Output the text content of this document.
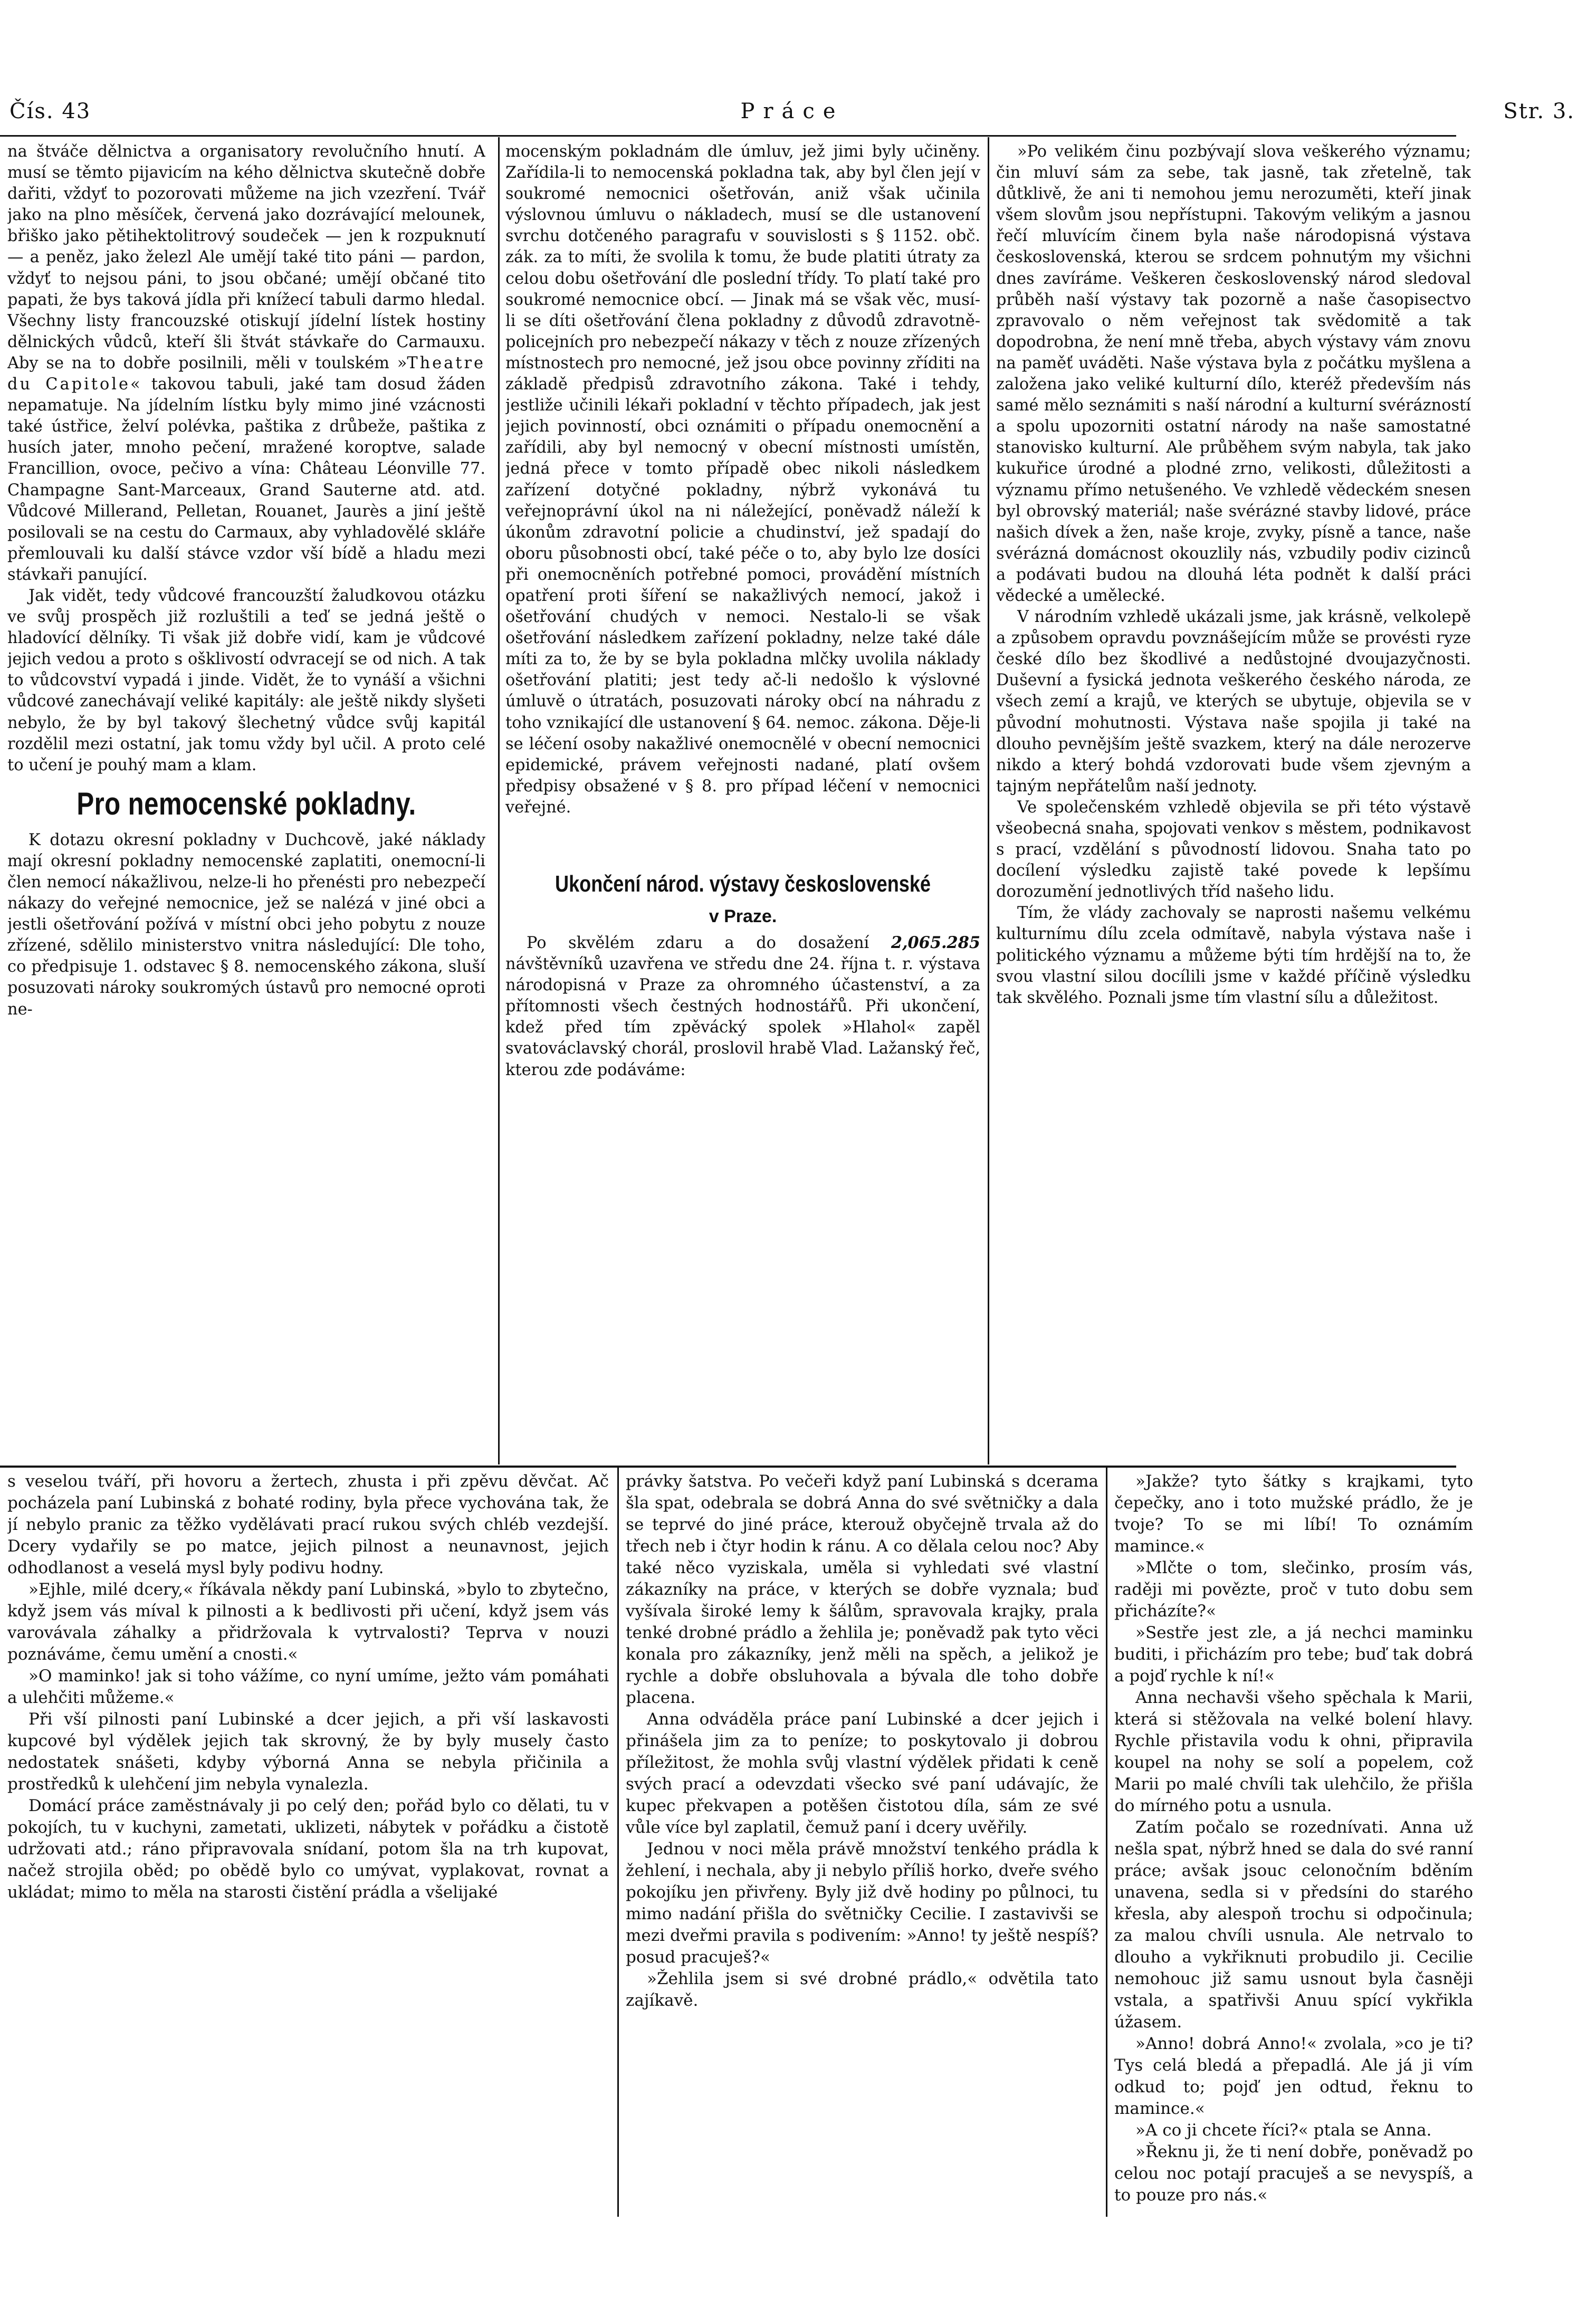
Čís. 43	Práce	Str. 3.

na štváče dělnictva a organisatory revolučního hnutí. A musí se těmto pijavicím na kého dělnictva skutečně dobře dařiti, vždyť to pozorovati můžeme na jich vzezření. Tvář jako na plno měsíček, červená jako dozrávající melounek, břiško jako pětihektolitrový soudeček — jen k rozpuknutí — a peněz, jako železl Ale umějí také tito páni — pardon, vždyť to nejsou páni, to jsou občané; umějí občané tito papati, že bys taková jídla při knížecí tabuli darmo hledal. Všechny listy francouzské otiskují jídelní lístek hostiny dělnických vůdců, kteří šli štvát stávkaře do Carmauxu. Aby se na to dobře posilnili, měli v toulském »Theatre du Capitole« takovou tabuli, jaké tam dosud žáden nepamatuje. Na jídelním lístku byly mimo jiné vzácnosti také ústřice, želví polévka, paštika z drůbeže, paštika z husích jater, mnoho pečení, mražené koroptve, salade Francillion, ovoce, pečivo a vína: Château Léonville 77. Champagne Sant-Marceaux, Grand Sauterne atd. atd. Vůdcové Millerand, Pelletan, Rouanet, Jaurès a jiní ještě posilovali se na cestu do Carmaux, aby vyhladovělé skláře přemlouvali ku další stávce vzdor vší bídě a hladu mezi stávkaři panující.

Jak vidět, tedy vůdcové francouzští žaludkovou otázku ve svůj prospěch již rozluštili a teď se jedná ještě o hladovící dělníky. Ti však již dobře vidí, kam je vůdcové jejich vedou a proto s ošklivostí odvracejí se od nich. A tak to vůdcovství vypadá i jinde. Vidět, že to vynáší a všichni vůdcové zanechávají veliké kapitály: ale ještě nikdy slyšeti nebylo, že by byl takový šlechetný vůdce svůj kapitál rozdělil mezi ostatní, jak tomu vždy byl učil. A proto celé to učení je pouhý mam a klam.

Pro nemocenské pokladny.

K dotazu okresní pokladny v Duchcově, jaké náklady mají okresní pokladny nemocenské zaplatiti, onemocní-li člen nemocí nákažlivou, nelze-li ho přenésti pro nebezpečí nákazy do veřejné nemocnice, jež se nalézá v jiné obci a jestli ošetřování požívá v místní obci jeho pobytu z nouze zřízené, sdělilo ministerstvo vnitra následující: Dle toho, co předpisuje 1. odstavec § 8. nemocenského zákona, sluší posuzovati nároky soukromých ústavů pro nemocné oproti ne-

mocenským pokladnám dle úmluv, jež jimi byly učiněny. Zařídila-li to nemocenská pokladna tak, aby byl člen její v soukromé nemocnici ošetřován, aniž však učinila výslovnou úmluvu o nákladech, musí se dle ustanovení svrchu dotčeného paragrafu v souvislosti s § 1152. obč. zák. za to míti, že svolila k tomu, že bude platiti útraty za celou dobu ošetřování dle poslední třídy. To platí také pro soukromé nemocnice obcí. — Jinak má se však věc, musí-li se díti ošetřování člena pokladny z důvodů zdravotně-policejních pro nebezpečí nákazy v těch z nouze zřízených místnostech pro nemocné, jež jsou obce povinny zříditi na základě předpisů zdravotního zákona. Také i tehdy, jestliže učinili lékaři pokladní v těchto případech, jak jest jejich povinností, obci oznámiti o případu onemocnění a zařídili, aby byl nemocný v obecní místnosti umístěn, jedná přece v tomto případě obec nikoli následkem zařízení dotyčné pokladny, nýbrž vykonává tu veřejnoprávní úkol na ni náležející, poněvadž náleží k úkonům zdravotní policie a chudinství, jež spadají do oboru působnosti obcí, také péče o to, aby bylo lze dosíci při onemocněních potřebné pomoci, provádění místních opatření proti šíření se nakažlivých nemocí, jakož i ošetřování chudých v nemoci. Nestalo-li se však ošetřování následkem zařízení pokladny, nelze také dále míti za to, že by se byla pokladna mlčky uvolila náklady ošetřování platiti; jest tedy ač-li nedošlo k výslovné úmluvě o útratách, posuzovati nároky obcí na náhradu z toho vznikající dle ustanovení § 64. nemoc. zákona. Děje-li se léčení osoby nakažlivé onemocnělé v obecní nemocnici epidemické, právem veřejnosti nadané, platí ovšem předpisy obsažené v § 8. pro případ léčení v nemocnici veřejné.

Ukončení národ. výstavy československé
v Praze.

Po skvělém zdaru a do dosažení 2,065.285 návštěvníků uzavřena ve středu dne 24. října t. r. výstava národopisná v Praze za ohromného účastenství, a za přítomnosti všech čestných hodnostářů. Při ukončení, kdež před tím zpěvácký spolek »Hlahol« zapěl svatováclavský chorál, proslovil hrabě Vlad. Lažanský řeč, kterou zde podáváme:

»Po velikém činu pozbývají slova veškerého významu; čin mluví sám za sebe, tak jasně, tak zřetelně, tak důtklivě, že ani ti nemohou jemu nerozuměti, kteří jinak všem slovům jsou nepřístupni. Takovým velikým a jasnou řečí mluvícím činem byla naše národopisná výstava československá, kterou se srdcem pohnutým my všichni dnes zavíráme. Veškeren československý národ sledoval průběh naší výstavy tak pozorně a naše časopisectvo zpravovalo o něm veřejnost tak svědomitě a tak dopodrobna, že není mně třeba, abych výstavy vám znovu na paměť uváděti. Naše výstava byla z počátku myšlena a založena jako veliké kulturní dílo, kteréž především nás samé mělo seznámiti s naší národní a kulturní svérázností a spolu upozorniti ostatní národy na naše samostatné stanovisko kulturní. Ale průběhem svým nabyla, tak jako kukuřice úrodné a plodné zrno, velikosti, důležitosti a významu přímo netušeného. Ve vzhledě vědeckém snesen byl obrovský materiál; naše svérázné stavby lidové, práce našich dívek a žen, naše kroje, zvyky, písně a tance, naše svérázná domácnost okouzlily nás, vzbudily podiv cizinců a podávati budou na dlouhá léta podnět k další práci vědecké a umělecké.

V národním vzhledě ukázali jsme, jak krásně, velkolepě a způsobem opravdu povznášejícím může se provésti ryze české dílo bez škodlivé a nedůstojné dvoujazyčnosti. Duševní a fysická jednota veškerého českého národa, ze všech zemí a krajů, ve kterých se ubytuje, objevila se v původní mohutnosti. Výstava naše spojila ji také na dlouho pevnějším ještě svazkem, který na dále nerozerve nikdo a který bohdá vzdorovati bude všem zjevným a tajným nepřátelům naší jednoty.

Ve společenském vzhledě objevila se při této výstavě všeobecná snaha, spojovati venkov s městem, podnikavost s prací, vzdělání s původností lidovou. Snaha tato po docílení výsledku zajistě také povede k lepšímu dorozumění jednotlivých tříd našeho lidu.

Tím, že vlády zachovaly se naprosti našemu velkému kulturnímu dílu zcela odmítavě, nabyla výstava naše i politického významu a můžeme býti tím hrdější na to, že svou vlastní silou docílili jsme v každé příčině výsledku tak skvělého. Poznali jsme tím vlastní sílu a důležitost.

s veselou tváří, při hovoru a žertech, zhusta i při zpěvu děvčat. Ač pocházela paní Lubinská z bohaté rodiny, byla přece vychována tak, že jí nebylo pranic za těžko vydělávati prací rukou svých chléb vezdejší. Dcery vydařily se po matce, jejich pilnost a neunavnost, jejich odhodlanost a veselá mysl byly podivu hodny.

»Ejhle, milé dcery,« říkávala někdy paní Lubinská, »bylo to zbytečno, když jsem vás míval k pilnosti a k bedlivosti při učení, když jsem vás varovávala záhalky a přidržovala k vytrvalosti? Teprva v nouzi poznáváme, čemu umění a cnosti.«

»O maminko! jak si toho vážíme, co nyní umíme, ježto vám pomáhati a ulehčiti můžeme.«

Při vší pilnosti paní Lubinské a dcer jejich, a při vší laskavosti kupcové byl výdělek jejich tak skrovný, že by byly musely často nedostatek snášeti, kdyby výborná Anna se nebyla přičinila a prostředků k ulehčení jim nebyla vynalezla.

Domácí práce zaměstnávaly ji po celý den; pořád bylo co dělati, tu v pokojích, tu v kuchyni, zametati, uklizeti, nábytek v pořádku a čistotě udržovati atd.; ráno připravovala snídaní, potom šla na trh kupovat, načež strojila oběd; po obědě bylo co umývat, vyplakovat, rovnat a ukládat; mimo to měla na starosti čistění prádla a všelijaké

právky šatstva. Po večeři když paní Lubinská s dcerama šla spat, odebrala se dobrá Anna do své světničky a dala se teprvé do jiné práce, kterouž obyčejně trvala až do třech neb i čtyr hodin k ránu. A co dělala celou noc? Aby také něco vyziskala, uměla si vyhledati své vlastní zákazníky na práce, v kterých se dobře vyznala; buď vyšívala široké lemy k šálům, spravovala krajky, prala tenké drobné prádlo a žehlila je; poněvadž pak tyto věci konala pro zákazníky, jenž měli na spěch, a jelikož je rychle a dobře obsluhovala a bývala dle toho dobře placena.

Anna odváděla práce paní Lubinské a dcer jejich i přinášela jim za to peníze; to poskytovalo ji dobrou příležitost, že mohla svůj vlastní výdělek přidati k ceně svých prací a odevzdati všecko své paní udávajíc, že kupec překvapen a potěšen čistotou díla, sám ze své vůle více byl zaplatil, čemuž paní i dcery uvěřily.

Jednou v noci měla právě množství tenkého prádla k žehlení, i nechala, aby ji nebylo příliš horko, dveře svého pokojíku jen přivřeny. Byly již dvě hodiny po půlnoci, tu mimo nadání přišla do světničky Cecilie. I zastavivši se mezi dveřmi pravila s podivením: »Anno! ty ještě nespíš? posud pracuješ?«

»Žehlila jsem si své drobné prádlo,« odvětila tato zajíkavě.

»Jakže? tyto šátky s krajkami, tyto čepečky, ano i toto mužské prádlo, že je tvoje? To se mi líbí! To oznámím mamince.«

»Mlčte o tom, slečinko, prosím vás, raději mi povězte, proč v tuto dobu sem přicházíte?«

»Sestře jest zle, a já nechci maminku buditi, i přicházím pro tebe; buď tak dobrá a pojď rychle k ní!«

Anna nechavši všeho spěchala k Marii, která si stěžovala na velké bolení hlavy. Rychle přistavila vodu k ohni, připravila koupel na nohy se solí a popelem, což Marii po malé chvíli tak ulehčilo, že přišla do mírného potu a usnula.

Zatím počalo se rozednívati. Anna už nešla spat, nýbrž hned se dala do své ranní práce; avšak jsouc celonočním bděním unavena, sedla si v předsíni do starého křesla, aby alespoň trochu si odpočinula; za malou chvíli usnula. Ale netrvalo to dlouho a vykřiknuti probudilo ji. Cecilie nemohouc již samu usnout byla časněji vstala, a spatřivši Anuu spící vykřikla úžasem.

»Anno! dobrá Anno!« zvolala, »co je ti? Tys celá bledá a přepadlá. Ale já ji vím odkud to; pojď jen odtud, řeknu to mamince.«

»A co ji chcete říci?« ptala se Anna.

»Řeknu ji, že ti není dobře, poněvadž po celou noc potají pracuješ a se nevyspíš, a to pouze pro nás.«
